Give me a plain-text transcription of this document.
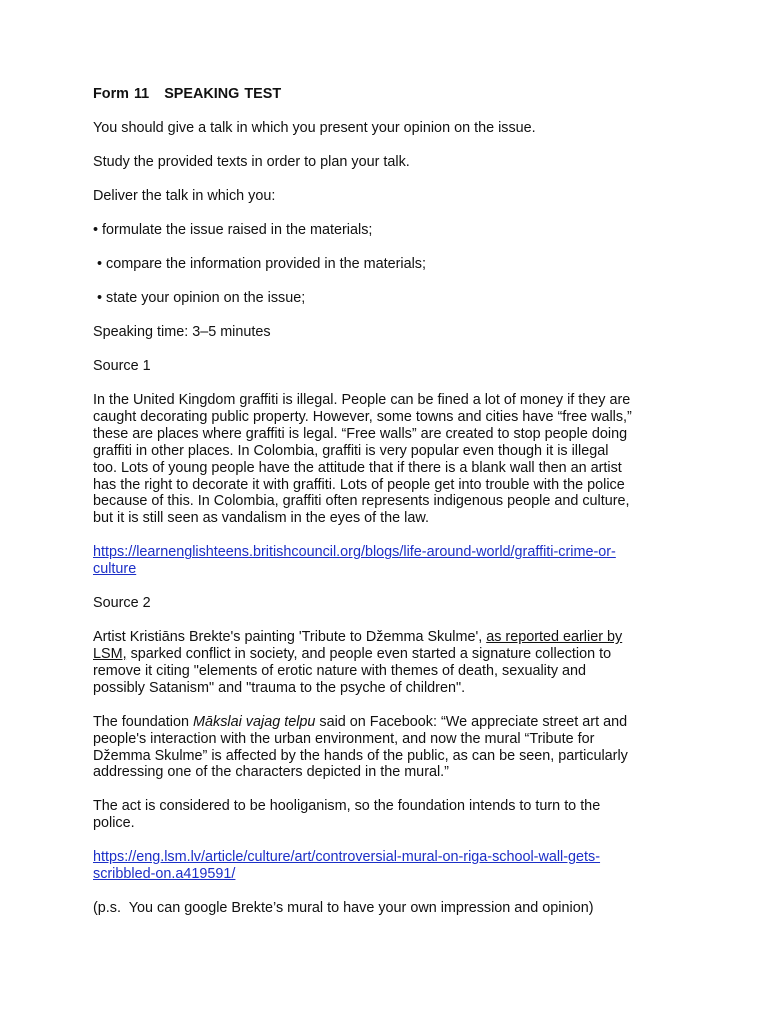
Form 11 SPEAKING TEST

You should give a talk in which you present your opinion on the issue.

Study the provided texts in order to plan your talk.

Deliver the talk in which you:

• formulate the issue raised in the materials;

• compare the information provided in the materials;

• state your opinion on the issue;

Speaking time: 3–5 minutes

Source 1

In the United Kingdom graffiti is illegal. People can be fined a lot of money if they are
caught decorating public property. However, some towns and cities have “free walls,”
these are places where graffiti is legal. “Free walls” are created to stop people doing
graffiti in other places. In Colombia, graffiti is very popular even though it is illegal
too. Lots of young people have the attitude that if there is a blank wall then an artist
has the right to decorate it with graffiti. Lots of people get into trouble with the police
because of this. In Colombia, graffiti often represents indigenous people and culture,
but it is still seen as vandalism in the eyes of the law.

https://learnenglishteens.britishcouncil.org/blogs/life-around-world/graffiti-crime-or-
culture

Source 2

Artist Kristiāns Brekte's painting 'Tribute to Džemma Skulme', as reported earlier by
LSM, sparked conflict in society, and people even started a signature collection to
remove it citing "elements of erotic nature with themes of death, sexuality and
possibly Satanism" and "trauma to the psyche of children".

The foundation Mākslai vajag telpu said on Facebook: “We appreciate street art and
people's interaction with the urban environment, and now the mural “Tribute for
Džemma Skulme” is affected by the hands of the public, as can be seen, particularly
addressing one of the characters depicted in the mural.”

The act is considered to be hooliganism, so the foundation intends to turn to the
police.

https://eng.lsm.lv/article/culture/art/controversial-mural-on-riga-school-wall-gets-
scribbled-on.a419591/

(p.s.  You can google Brekte’s mural to have your own impression and opinion)
